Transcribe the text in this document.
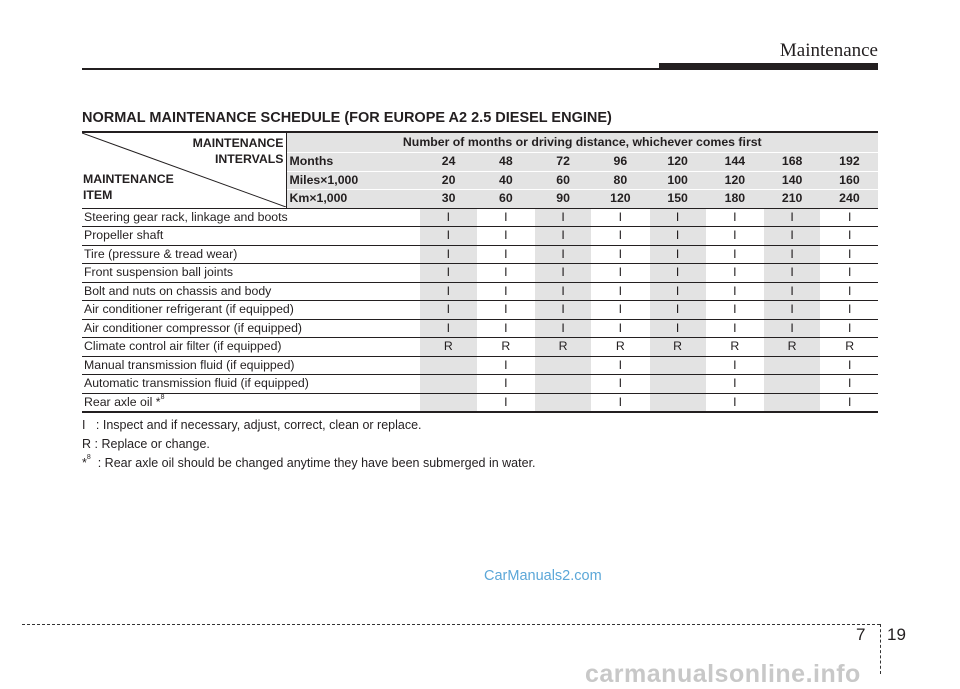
Maintenance
NORMAL MAINTENANCE SCHEDULE (FOR EUROPE A2 2.5 DIESEL ENGINE)
MAINTENANCE
INTERVALS
MAINTENANCE
ITEM	Number of months or driving distance, whichever comes first								
	Months	24	48	72	96	120	144	168	192
	Miles×1,000	20	40	60	80	100	120	140	160
	Km×1,000	30	60	90	120	150	180	210	240
Steering gear rack, linkage and boots		I	I	I	I	I	I	I	I
Propeller shaft		I	I	I	I	I	I	I	I
Tire (pressure & tread wear)		I	I	I	I	I	I	I	I
Front suspension ball joints		I	I	I	I	I	I	I	I
Bolt and nuts on chassis and body		I	I	I	I	I	I	I	I
Air conditioner refrigerant (if equipped)		I	I	I	I	I	I	I	I
Air conditioner compressor (if equipped)		I	I	I	I	I	I	I	I
Climate control air filter (if equipped)		R	R	R	R	R	R	R	R
Manual transmission fluid (if equipped)			I		I		I		I
Automatic transmission fluid (if equipped)			I		I		I		I
Rear axle oil *$^8$			I		I		I		I
I : Inspect and if necessary, adjust, correct, clean or replace.
R : Replace or change.
*$^8$ : Rear axle oil should be changed anytime they have been submerged in water.
CarManuals2.com
7 19
carmanualsonline.info
